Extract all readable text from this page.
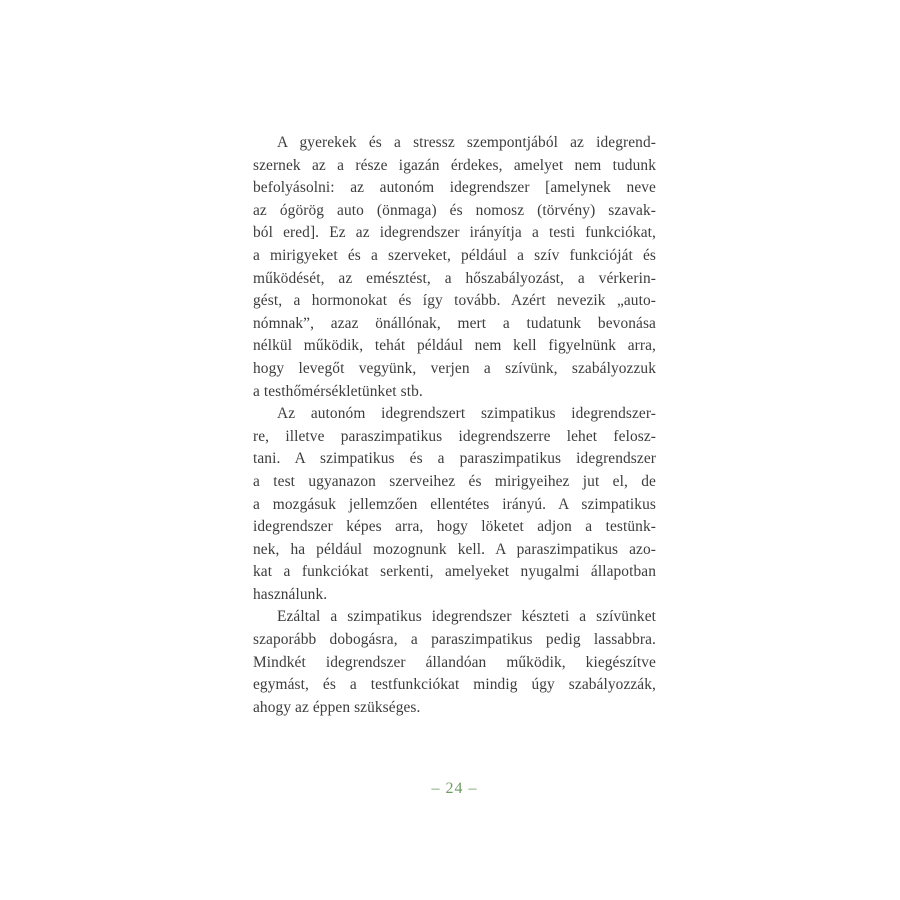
A gyerekek és a stressz szempontjából az idegrend-
szernek az a része igazán érdekes, amelyet nem tudunk
befolyásolni: az autonóm idegrendszer [amelynek neve
az ógörög auto (önmaga) és nomosz (törvény) szavak-
ból ered]. Ez az idegrendszer irányítja a testi funkciókat,
a mirigyeket és a szerveket, például a szív funkcióját és
működését, az emésztést, a hőszabályozást, a vérkerin-
gést, a hormonokat és így tovább. Azért nevezik „auto-
nómnak”, azaz önállónak, mert a tudatunk bevonása
nélkül működik, tehát például nem kell figyelnünk arra,
hogy levegőt vegyünk, verjen a szívünk, szabályozzuk
a testhőmérsékletünket stb.
Az autonóm idegrendszert szimpatikus idegrendszer-
re, illetve paraszimpatikus idegrendszerre lehet felosz-
tani. A szimpatikus és a paraszimpatikus idegrendszer
a test ugyanazon szerveihez és mirigyeihez jut el, de
a mozgásuk jellemzően ellentétes irányú. A szimpatikus
idegrendszer képes arra, hogy löketet adjon a testünk-
nek, ha például mozognunk kell. A paraszimpatikus azo-
kat a funkciókat serkenti, amelyeket nyugalmi állapotban
használunk.
Ezáltal a szimpatikus idegrendszer készteti a szívünket
szaporább dobogásra, a paraszimpatikus pedig lassabbra.
Mindkét idegrendszer állandóan működik, kiegészítve
egymást, és a testfunkciókat mindig úgy szabályozzák,
ahogy az éppen szükséges.
– 24 –
